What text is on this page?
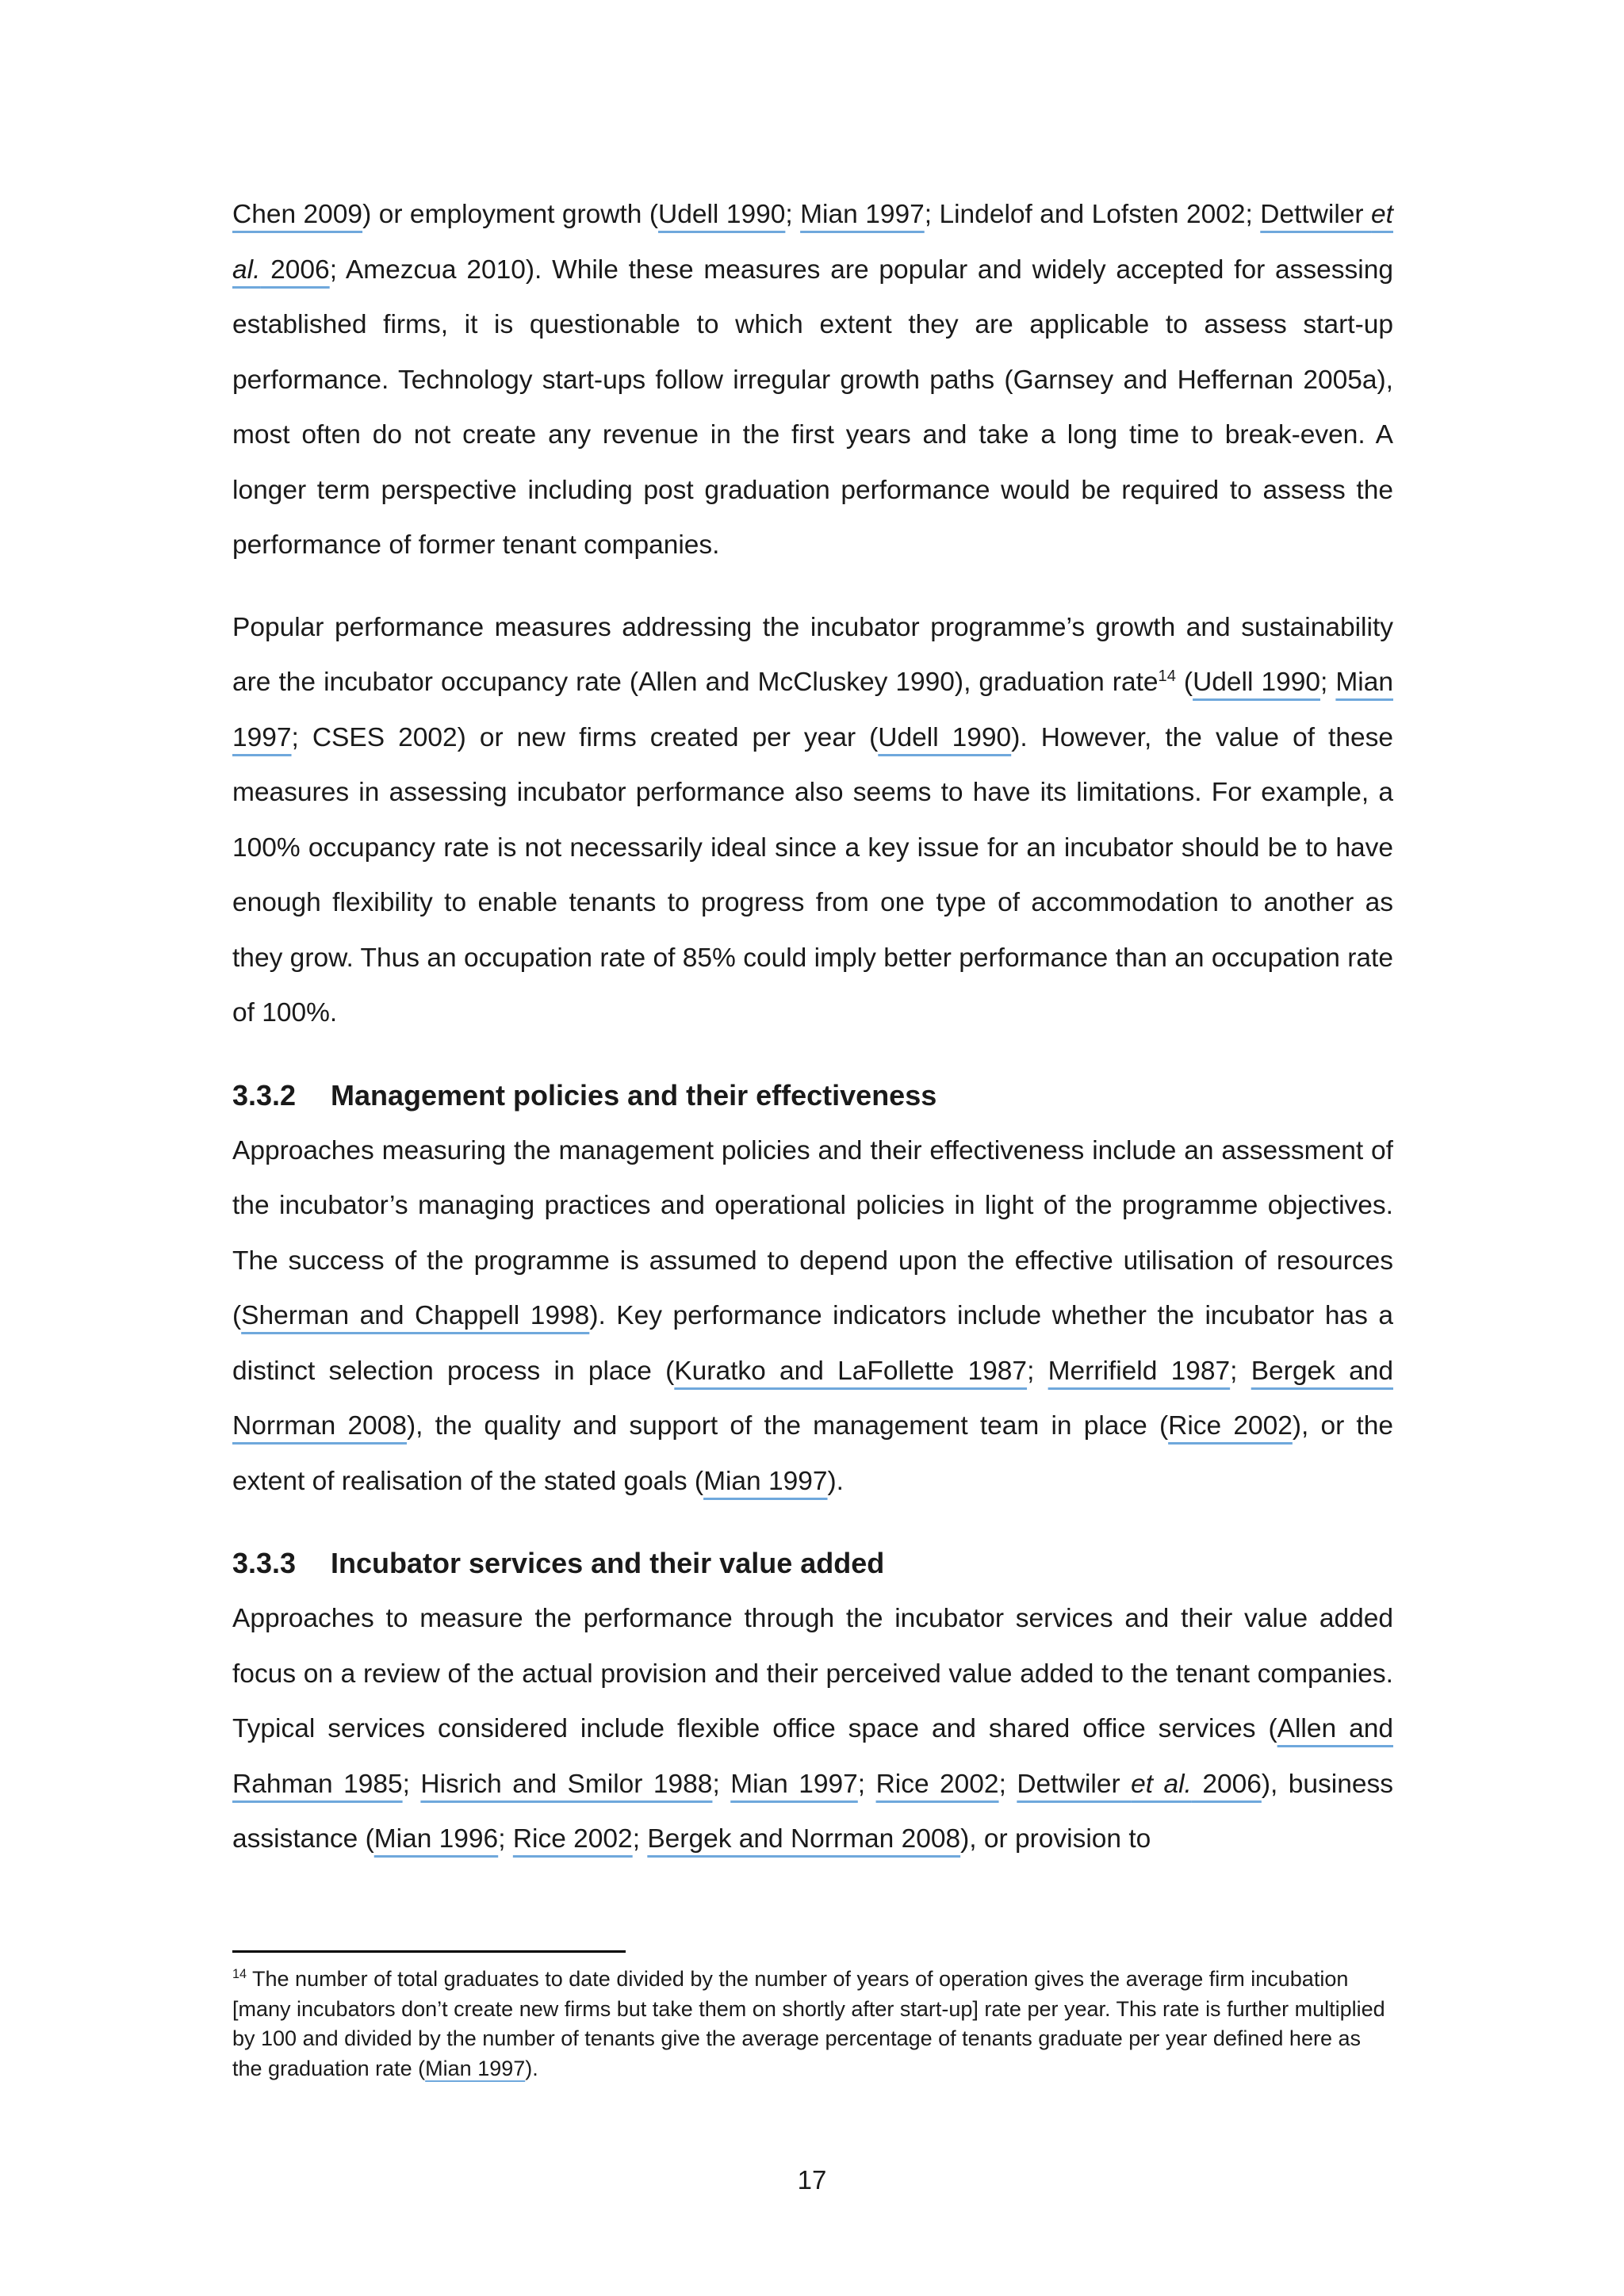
Chen 2009) or employment growth (Udell 1990; Mian 1997; Lindelof and Lofsten 2002; Dettwiler et al. 2006; Amezcua 2010). While these measures are popular and widely accepted for assessing established firms, it is questionable to which extent they are applicable to assess start-up performance. Technology start-ups follow irregular growth paths (Garnsey and Heffernan 2005a), most often do not create any revenue in the first years and take a long time to break-even. A longer term perspective including post graduation performance would be required to assess the performance of former tenant companies.

Popular performance measures addressing the incubator programme’s growth and sustainability are the incubator occupancy rate (Allen and McCluskey 1990), graduation rate$^{14}$ (Udell 1990; Mian 1997; CSES 2002) or new firms created per year (Udell 1990). However, the value of these measures in assessing incubator performance also seems to have its limitations. For example, a 100% occupancy rate is not necessarily ideal since a key issue for an incubator should be to have enough flexibility to enable tenants to progress from one type of accommodation to another as they grow. Thus an occupation rate of 85% could imply better performance than an occupation rate of 100%.

3.3.2 Management policies and their effectiveness

Approaches measuring the management policies and their effectiveness include an assessment of the incubator’s managing practices and operational policies in light of the programme objectives. The success of the programme is assumed to depend upon the effective utilisation of resources (Sherman and Chappell 1998). Key performance indicators include whether the incubator has a distinct selection process in place (Kuratko and LaFollette 1987; Merrifield 1987; Bergek and Norrman 2008), the quality and support of the management team in place (Rice 2002), or the extent of realisation of the stated goals (Mian 1997).

3.3.3 Incubator services and their value added

Approaches to measure the performance through the incubator services and their value added focus on a review of the actual provision and their perceived value added to the tenant companies. Typical services considered include flexible office space and shared office services (Allen and Rahman 1985; Hisrich and Smilor 1988; Mian 1997; Rice 2002; Dettwiler et al. 2006), business assistance (Mian 1996; Rice 2002; Bergek and Norrman 2008), or provision to

$^{14}$ The number of total graduates to date divided by the number of years of operation gives the average firm incubation [many incubators don’t create new firms but take them on shortly after start-up] rate per year. This rate is further multiplied by 100 and divided by the number of tenants give the average percentage of tenants graduate per year defined here as the graduation rate (Mian 1997).

17
